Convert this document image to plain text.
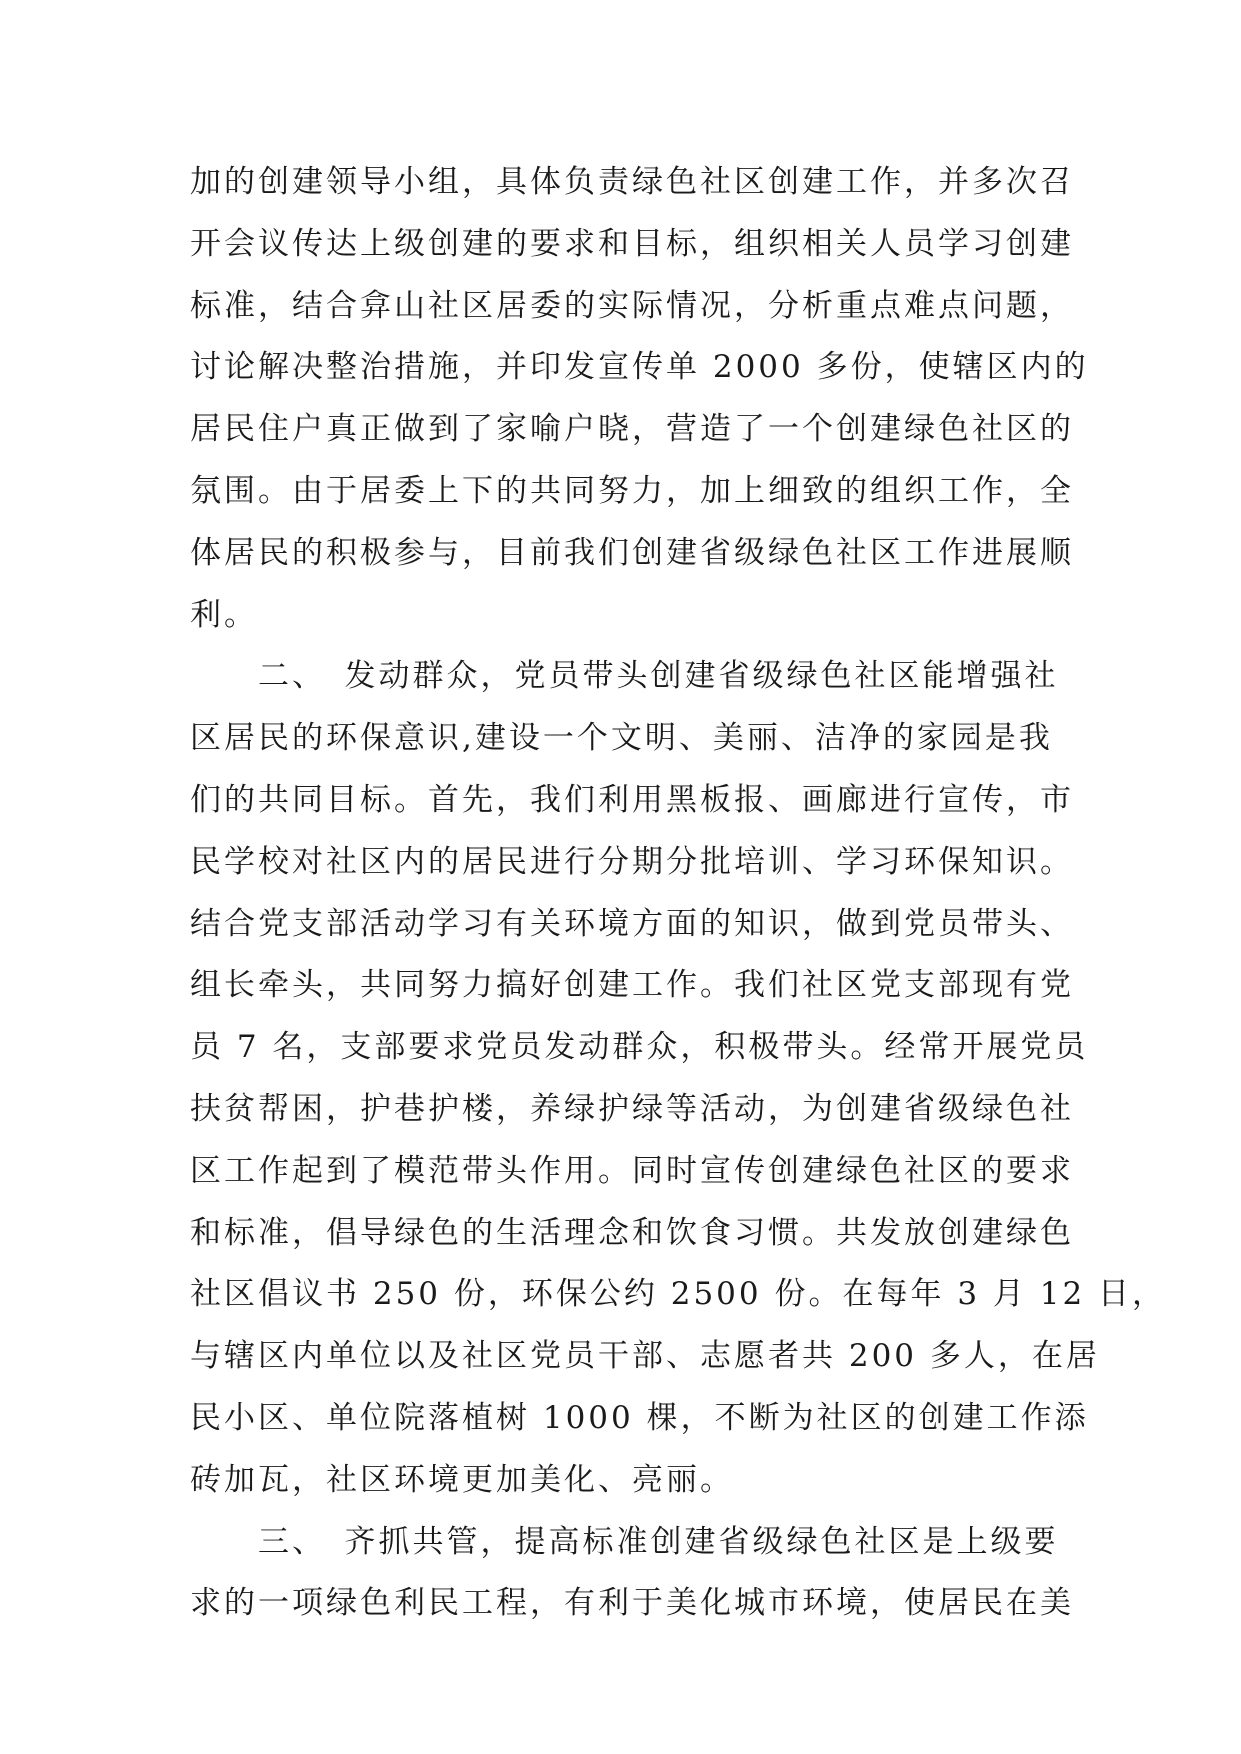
加的创建领导小组，具体负责绿色社区创建工作，并多次召
开会议传达上级创建的要求和目标，组织相关人员学习创建
标准，结合弇山社区居委的实际情况，分析重点难点问题，
讨论解决整治措施，并印发宣传单 2000 多份，使辖区内的
居民住户真正做到了家喻户晓，营造了一个创建绿色社区的
氛围。由于居委上下的共同努力，加上细致的组织工作，全
体居民的积极参与，目前我们创建省级绿色社区工作进展顺
利。
　　二、　发动群众，党员带头创建省级绿色社区能增强社
区居民的环保意识,建设一个文明、美丽、洁净的家园是我
们的共同目标。首先，我们利用黑板报、画廊进行宣传，市
民学校对社区内的居民进行分期分批培训、学习环保知识。
结合党支部活动学习有关环境方面的知识，做到党员带头、
组长牵头，共同努力搞好创建工作。我们社区党支部现有党
员 7 名，支部要求党员发动群众，积极带头。经常开展党员
扶贫帮困，护巷护楼，养绿护绿等活动，为创建省级绿色社
区工作起到了模范带头作用。同时宣传创建绿色社区的要求
和标准，倡导绿色的生活理念和饮食习惯。共发放创建绿色
社区倡议书 250 份，环保公约 2500 份。在每年 3 月 12 日，
与辖区内单位以及社区党员干部、志愿者共 200 多人，在居
民小区、单位院落植树 1000 棵，不断为社区的创建工作添
砖加瓦，社区环境更加美化、亮丽。
　　三、　齐抓共管，提高标准创建省级绿色社区是上级要
求的一项绿色利民工程，有利于美化城市环境，使居民在美
